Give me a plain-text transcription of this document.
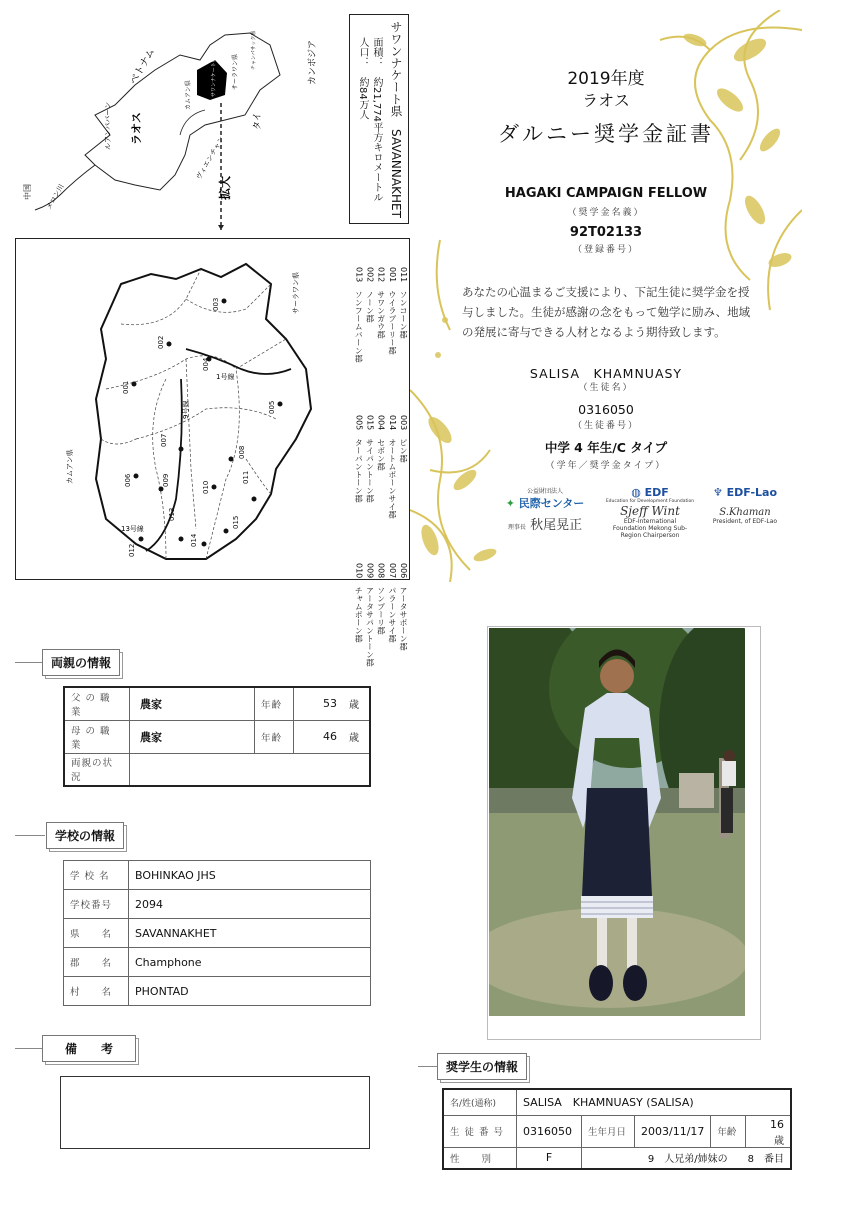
ベトナム
ラオス
ルアンパバーン
中国 メコン川
カンボジア
タイ
ヴィエンチャン
カムアン県	サワンナケート県	サーラワン県
チャンパサック県
拡大	サワンナケート県　SAVANNAKHET
面積：　約21,774平方キロメートル
人口：　約84万人
001
002
003
004
005
006
007
008
009
010
011
012
013
014
015
カムアン県
サーラワン県
1号線
9号線
13号線
011　ソンコーン郡
001　ウイラブーリー郡
012　サワンガウ郡
002　ノーン郡
013　ソンフームバーン郡
003　ピン郡
014　オートムポーンサイ郡
004　セボン郡
015　サイパントーン郡
005　ターパントーン郡
006　アータサポーン郡
007　パラーンサイ郡
008　ソンブーリ郡
009　アータサパントーン郡
010　チャムポーン郡
2019年度
ラオス
ダルニー奨学金証書
HAGAKI CAMPAIGN FELLOW
（奨学金名義）
92T02133
（登録番号）
あなたの心温まるご支援により、下記生徒に奨学金を授
与しました。生徒が感謝の念をもって勉学に励み、地域
の発展に寄与できる人材となるよう期待致します。
SALISA　KHAMNUASY
（生徒名）
0316050
（生徒番号）
中学 4 年生/C タイプ
（学年／奨学金タイプ）
公益財団法人
✦ 民際センター
理事長 秋尾晃正
◍ EDF
Education for Development Foundation
Sjeff Wint
EDF-International Foundation Mekong Sub-Region Chairperson
♆ EDF-Lao
S.Khaman
President, of EDF-Lao
両親の情報
父 の 職 業	農家	年齢	53	歳
母 の 職 業	農家	年齢	46	歳
両親の状況				
学校の情報
学 校 名	BOHINKAO JHS
学校番号	2094
県　　名	SAVANNAKHET
郡　　名	Champhone
村　　名	PHONTAD
備　　考
奨学生の情報
名/姓(通称)	SALISA　KHAMNUASY (SALISA)				
生 徒 番 号	0316050	生年月日	2003/11/17	年齢	16　歳
性　　別	F	9　 人兄弟/姉妹の　　 8　 番目			
